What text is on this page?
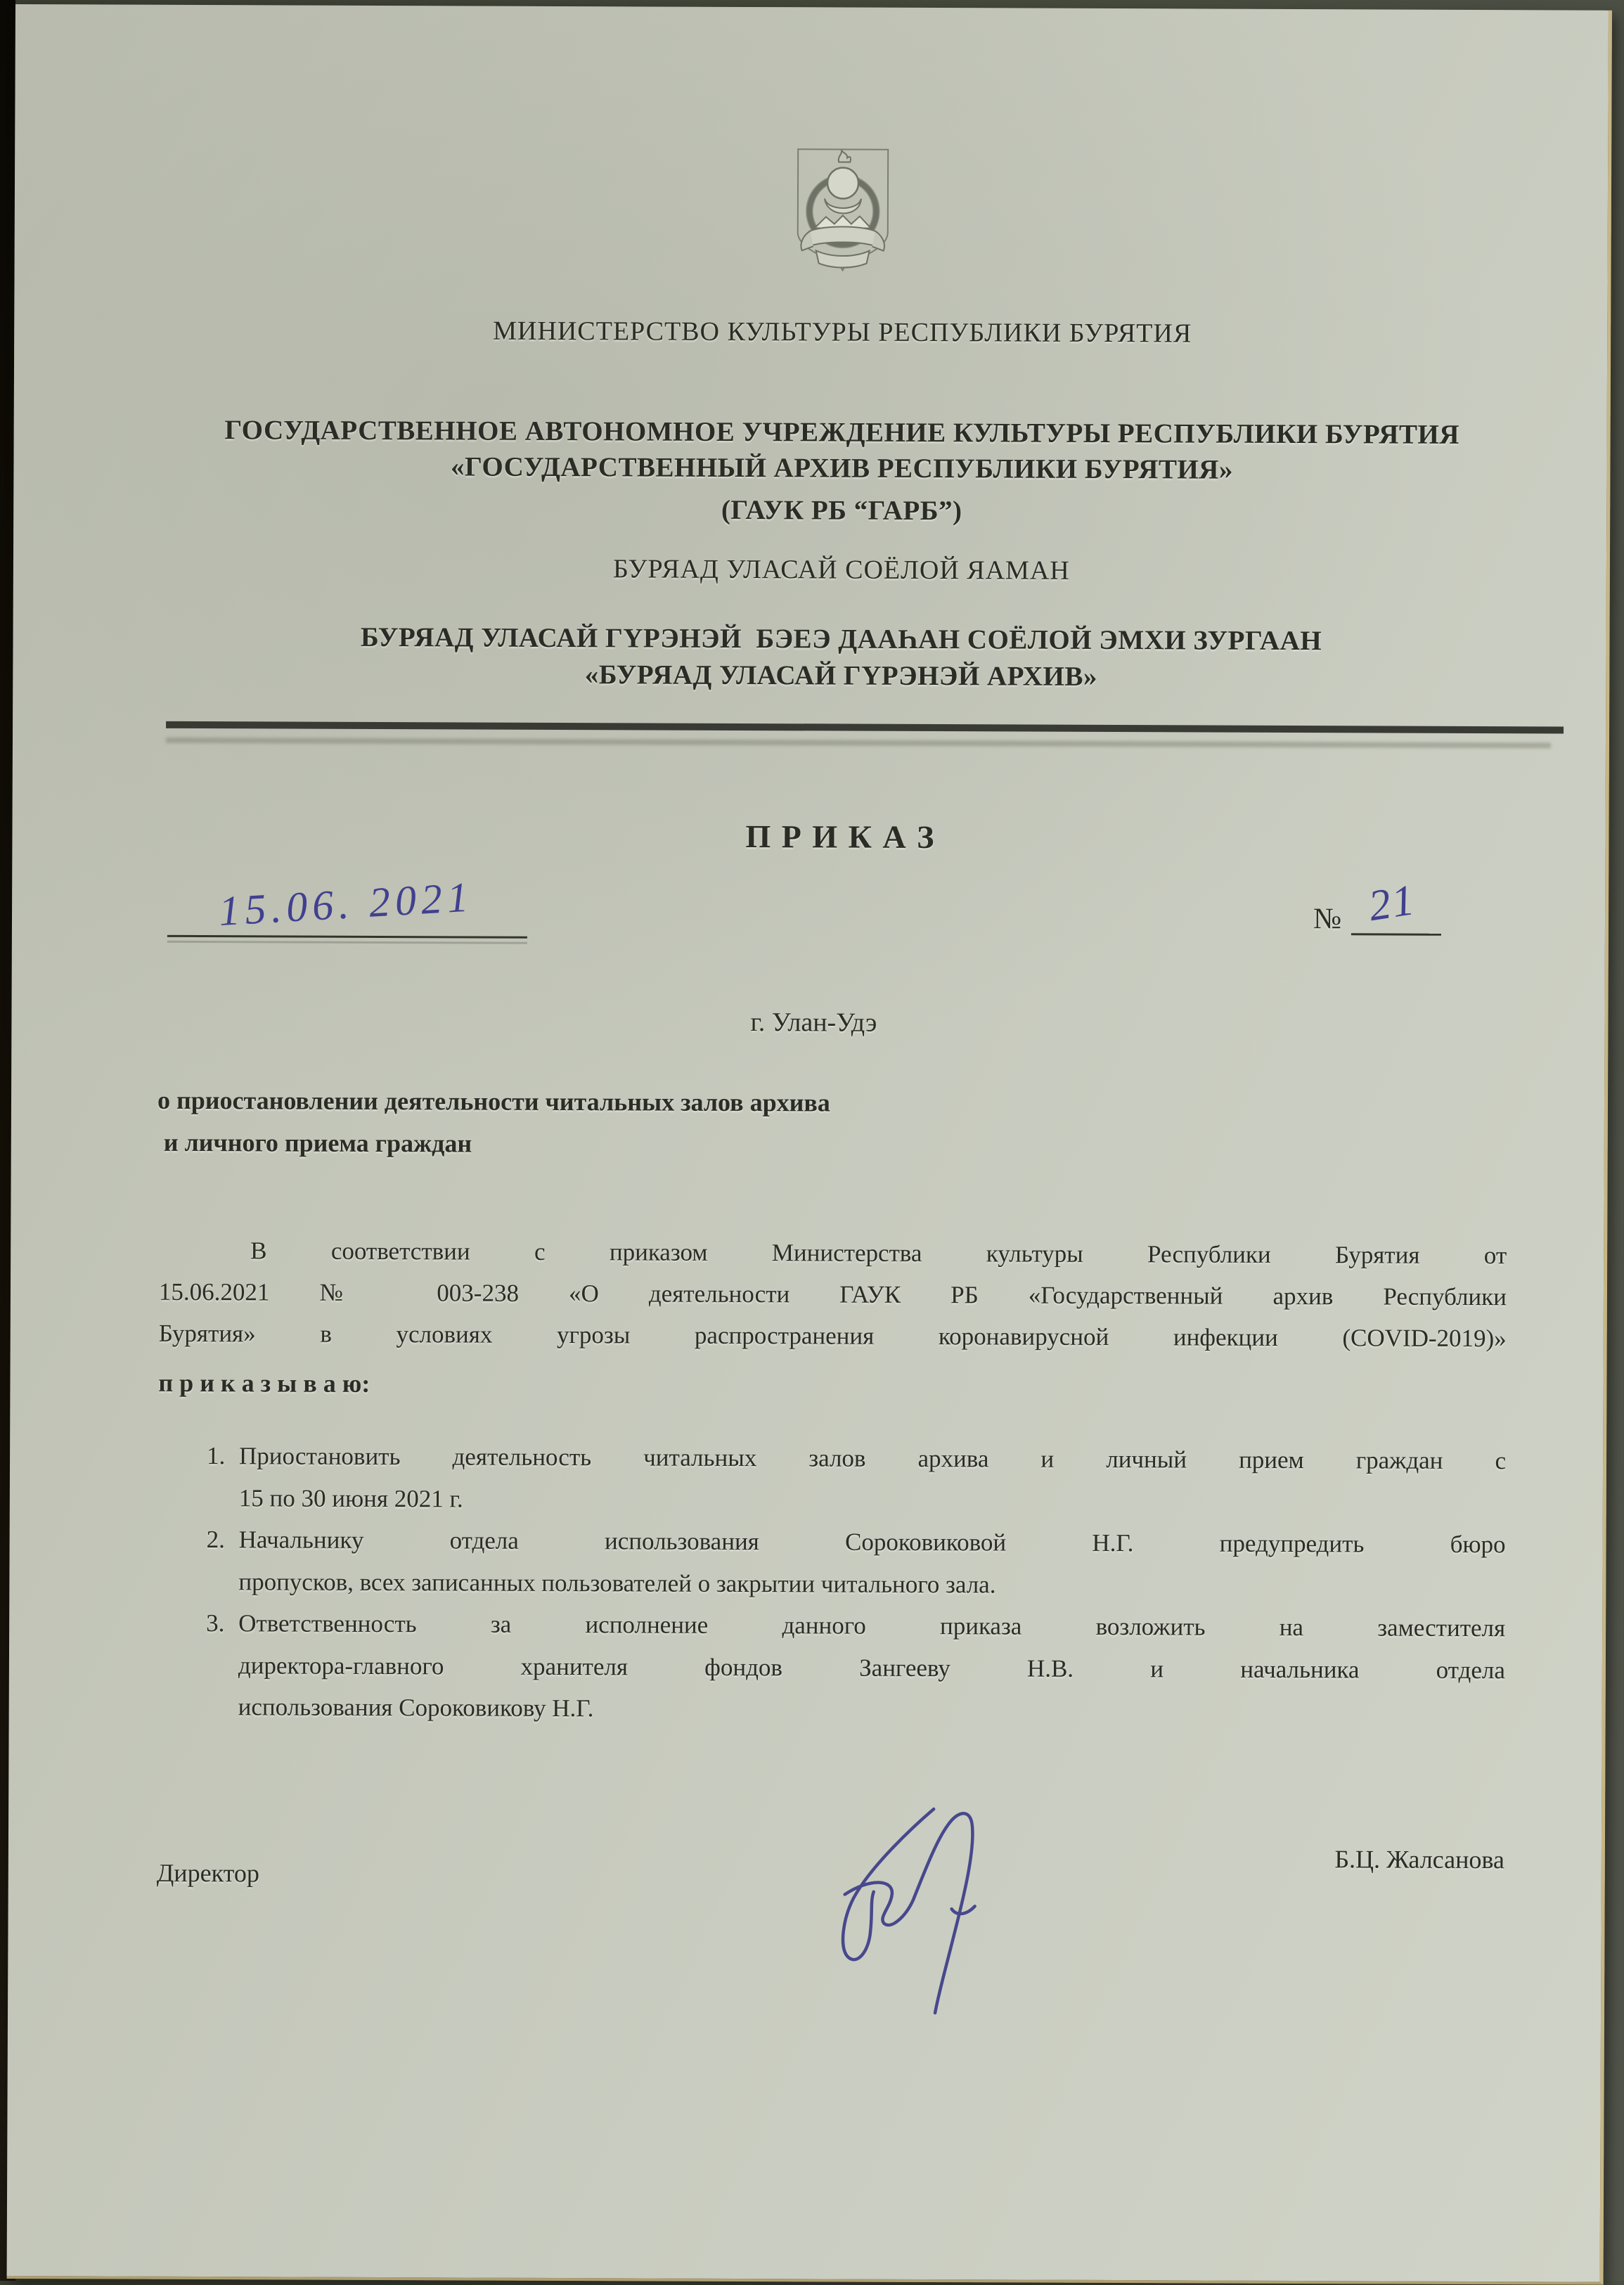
МИНИСТЕРСТВО КУЛЬТУРЫ РЕСПУБЛИКИ БУРЯТИЯ
ГОСУДАРСТВЕННОЕ АВТОНОМНОЕ УЧРЕЖДЕНИЕ КУЛЬТУРЫ РЕСПУБЛИКИ БУРЯТИЯ
«ГОСУДАРСТВЕННЫЙ АРХИВ РЕСПУБЛИКИ БУРЯТИЯ»
(ГАУК РБ “ГАРБ”)
БУРЯАД УЛАСАЙ СОЁЛОЙ ЯАМАН
БУРЯАД УЛАСАЙ ГҮРЭНЭЙ  БЭЕЭ ДААҺАН СОЁЛОЙ ЭМХИ ЗУРГААН
«БУРЯАД УЛАСАЙ ГҮРЭНЭЙ АРХИВ»
П Р И К А З
15.06. 2021	№ 21
г. Улан-Удэ
о приостановлении деятельности читальных залов архива
и личного приема граждан
В соответствии с приказом Министерства культуры Республики Бурятия от
15.06.2021 № 003-238 «О деятельности ГАУК РБ «Государственный архив Республики
Бурятия» в условиях угрозы распространения коронавирусной инфекции (COVID-2019)»
п р и к а з ы в а ю:
1. Приостановить деятельность читальных залов архива и личный прием граждан с
15 по 30 июня 2021 г.
2. Начальнику отдела использования Сороковиковой Н.Г. предупредить бюро
пропусков, всех записанных пользователей о закрытии читального зала.
3. Ответственность за исполнение данного приказа возложить на заместителя
директора-главного хранителя фондов Зангееву Н.В. и начальника отдела
использования Сороковикову Н.Г.
Директор	Б.Ц. Жалсанова
